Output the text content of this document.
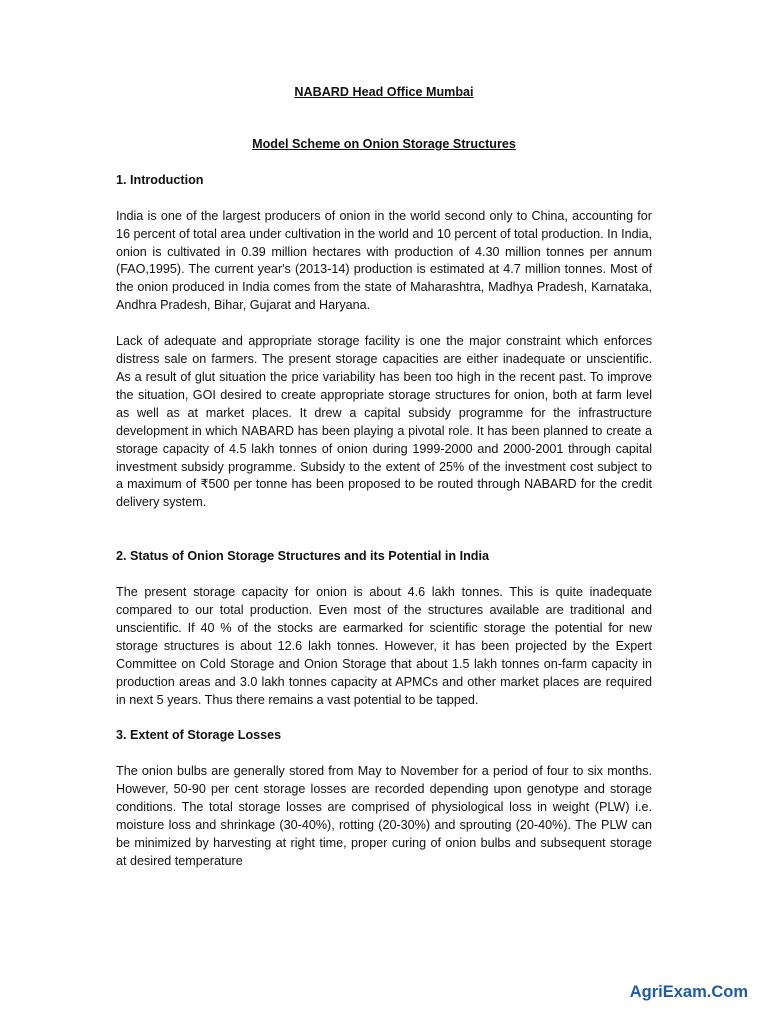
NABARD Head Office Mumbai

Model Scheme on Onion Storage Structures

1. Introduction

India is one of the largest producers of onion in the world second only to China, accounting for 16 percent of total area under cultivation in the world and 10 percent of total production. In India, onion is cultivated in 0.39 million hectares with production of 4.30 million tonnes per annum (FAO,1995). The current year's (2013-14) production is estimated at 4.7 million tonnes. Most of the onion produced in India comes from the state of Maharashtra, Madhya Pradesh, Karnataka, Andhra Pradesh, Bihar, Gujarat and Haryana.

Lack of adequate and appropriate storage facility is one the major constraint which enforces distress sale on farmers. The present storage capacities are either inadequate or unscientific. As a result of glut situation the price variability has been too high in the recent past. To improve the situation, GOI desired to create appropriate storage structures for onion, both at farm level as well as at market places. It drew a capital subsidy programme for the infrastructure development in which NABARD has been playing a pivotal role. It has been planned to create a storage capacity of 4.5 lakh tonnes of onion during 1999-2000 and 2000-2001 through capital investment subsidy programme. Subsidy to the extent of 25% of the investment cost subject to a maximum of ₹500 per tonne has been proposed to be routed through NABARD for the credit delivery system.

2. Status of Onion Storage Structures and its Potential in India

The present storage capacity for onion is about 4.6 lakh tonnes. This is quite inadequate compared to our total production. Even most of the structures available are traditional and unscientific. If 40 % of the stocks are earmarked for scientific storage the potential for new storage structures is about 12.6 lakh tonnes. However, it has been projected by the Expert Committee on Cold Storage and Onion Storage that about 1.5 lakh tonnes on-farm capacity in production areas and 3.0 lakh tonnes capacity at APMCs and other market places are required in next 5 years. Thus there remains a vast potential to be tapped.

3. Extent of Storage Losses

The onion bulbs are generally stored from May to November for a period of four to six months. However, 50-90 per cent storage losses are recorded depending upon genotype and storage conditions. The total storage losses are comprised of physiological loss in weight (PLW) i.e. moisture loss and shrinkage (30-40%), rotting (20-30%) and sprouting (20-40%). The PLW can be minimized by harvesting at right time, proper curing of onion bulbs and subsequent storage at desired temperature

AgriExam.Com
